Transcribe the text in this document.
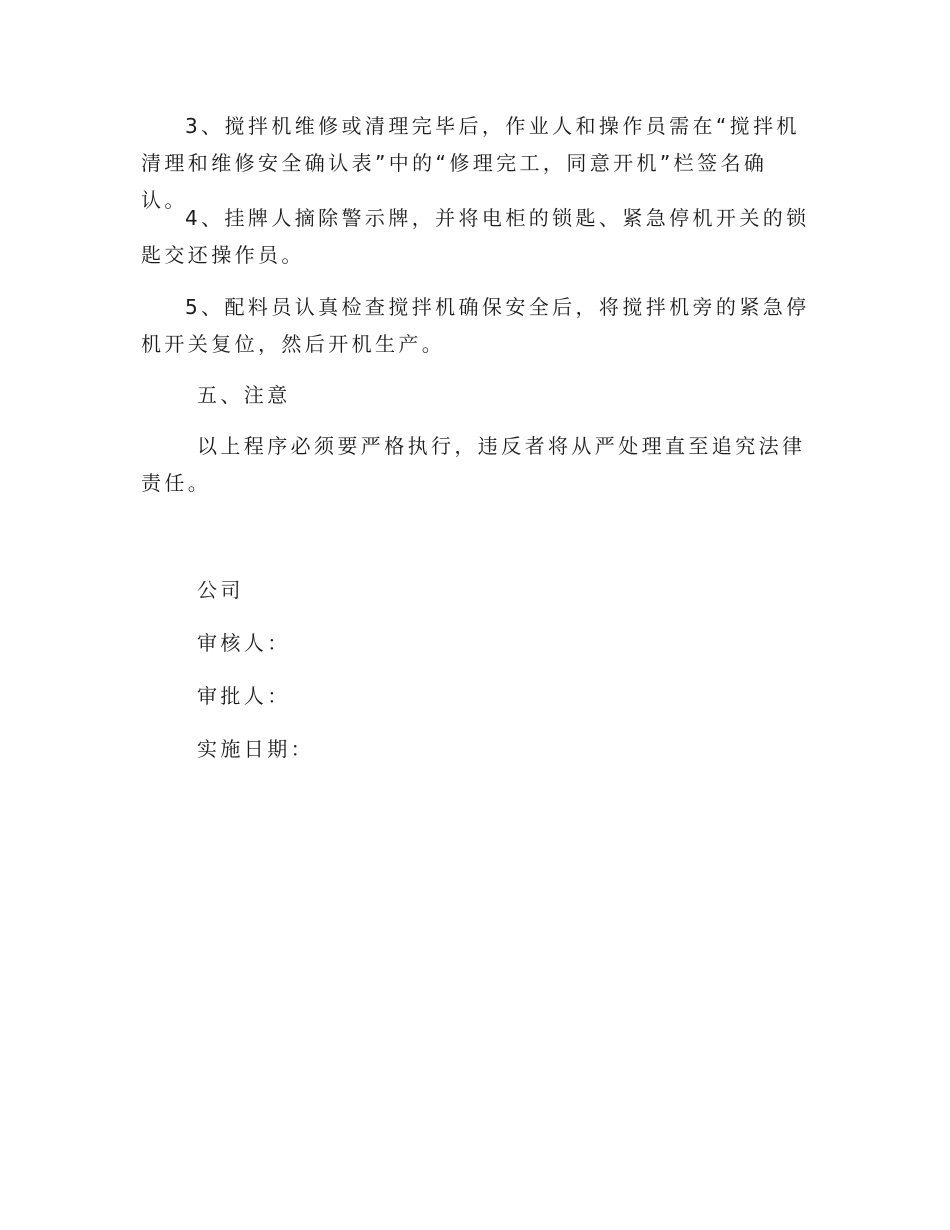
3、搅拌机维修或清理完毕后，作业人和操作员需在“搅拌机清理和维修安全确认表”中的“修理完工，同意开机”栏签名确认。

4、挂牌人摘除警示牌，并将电柜的锁匙、紧急停机开关的锁匙交还操作员。

5、配料员认真检查搅拌机确保安全后，将搅拌机旁的紧急停机开关复位，然后开机生产。

五、注意

以上程序必须要严格执行，违反者将从严处理直至追究法律责任。

公司

审核人：

审批人：

实施日期：
